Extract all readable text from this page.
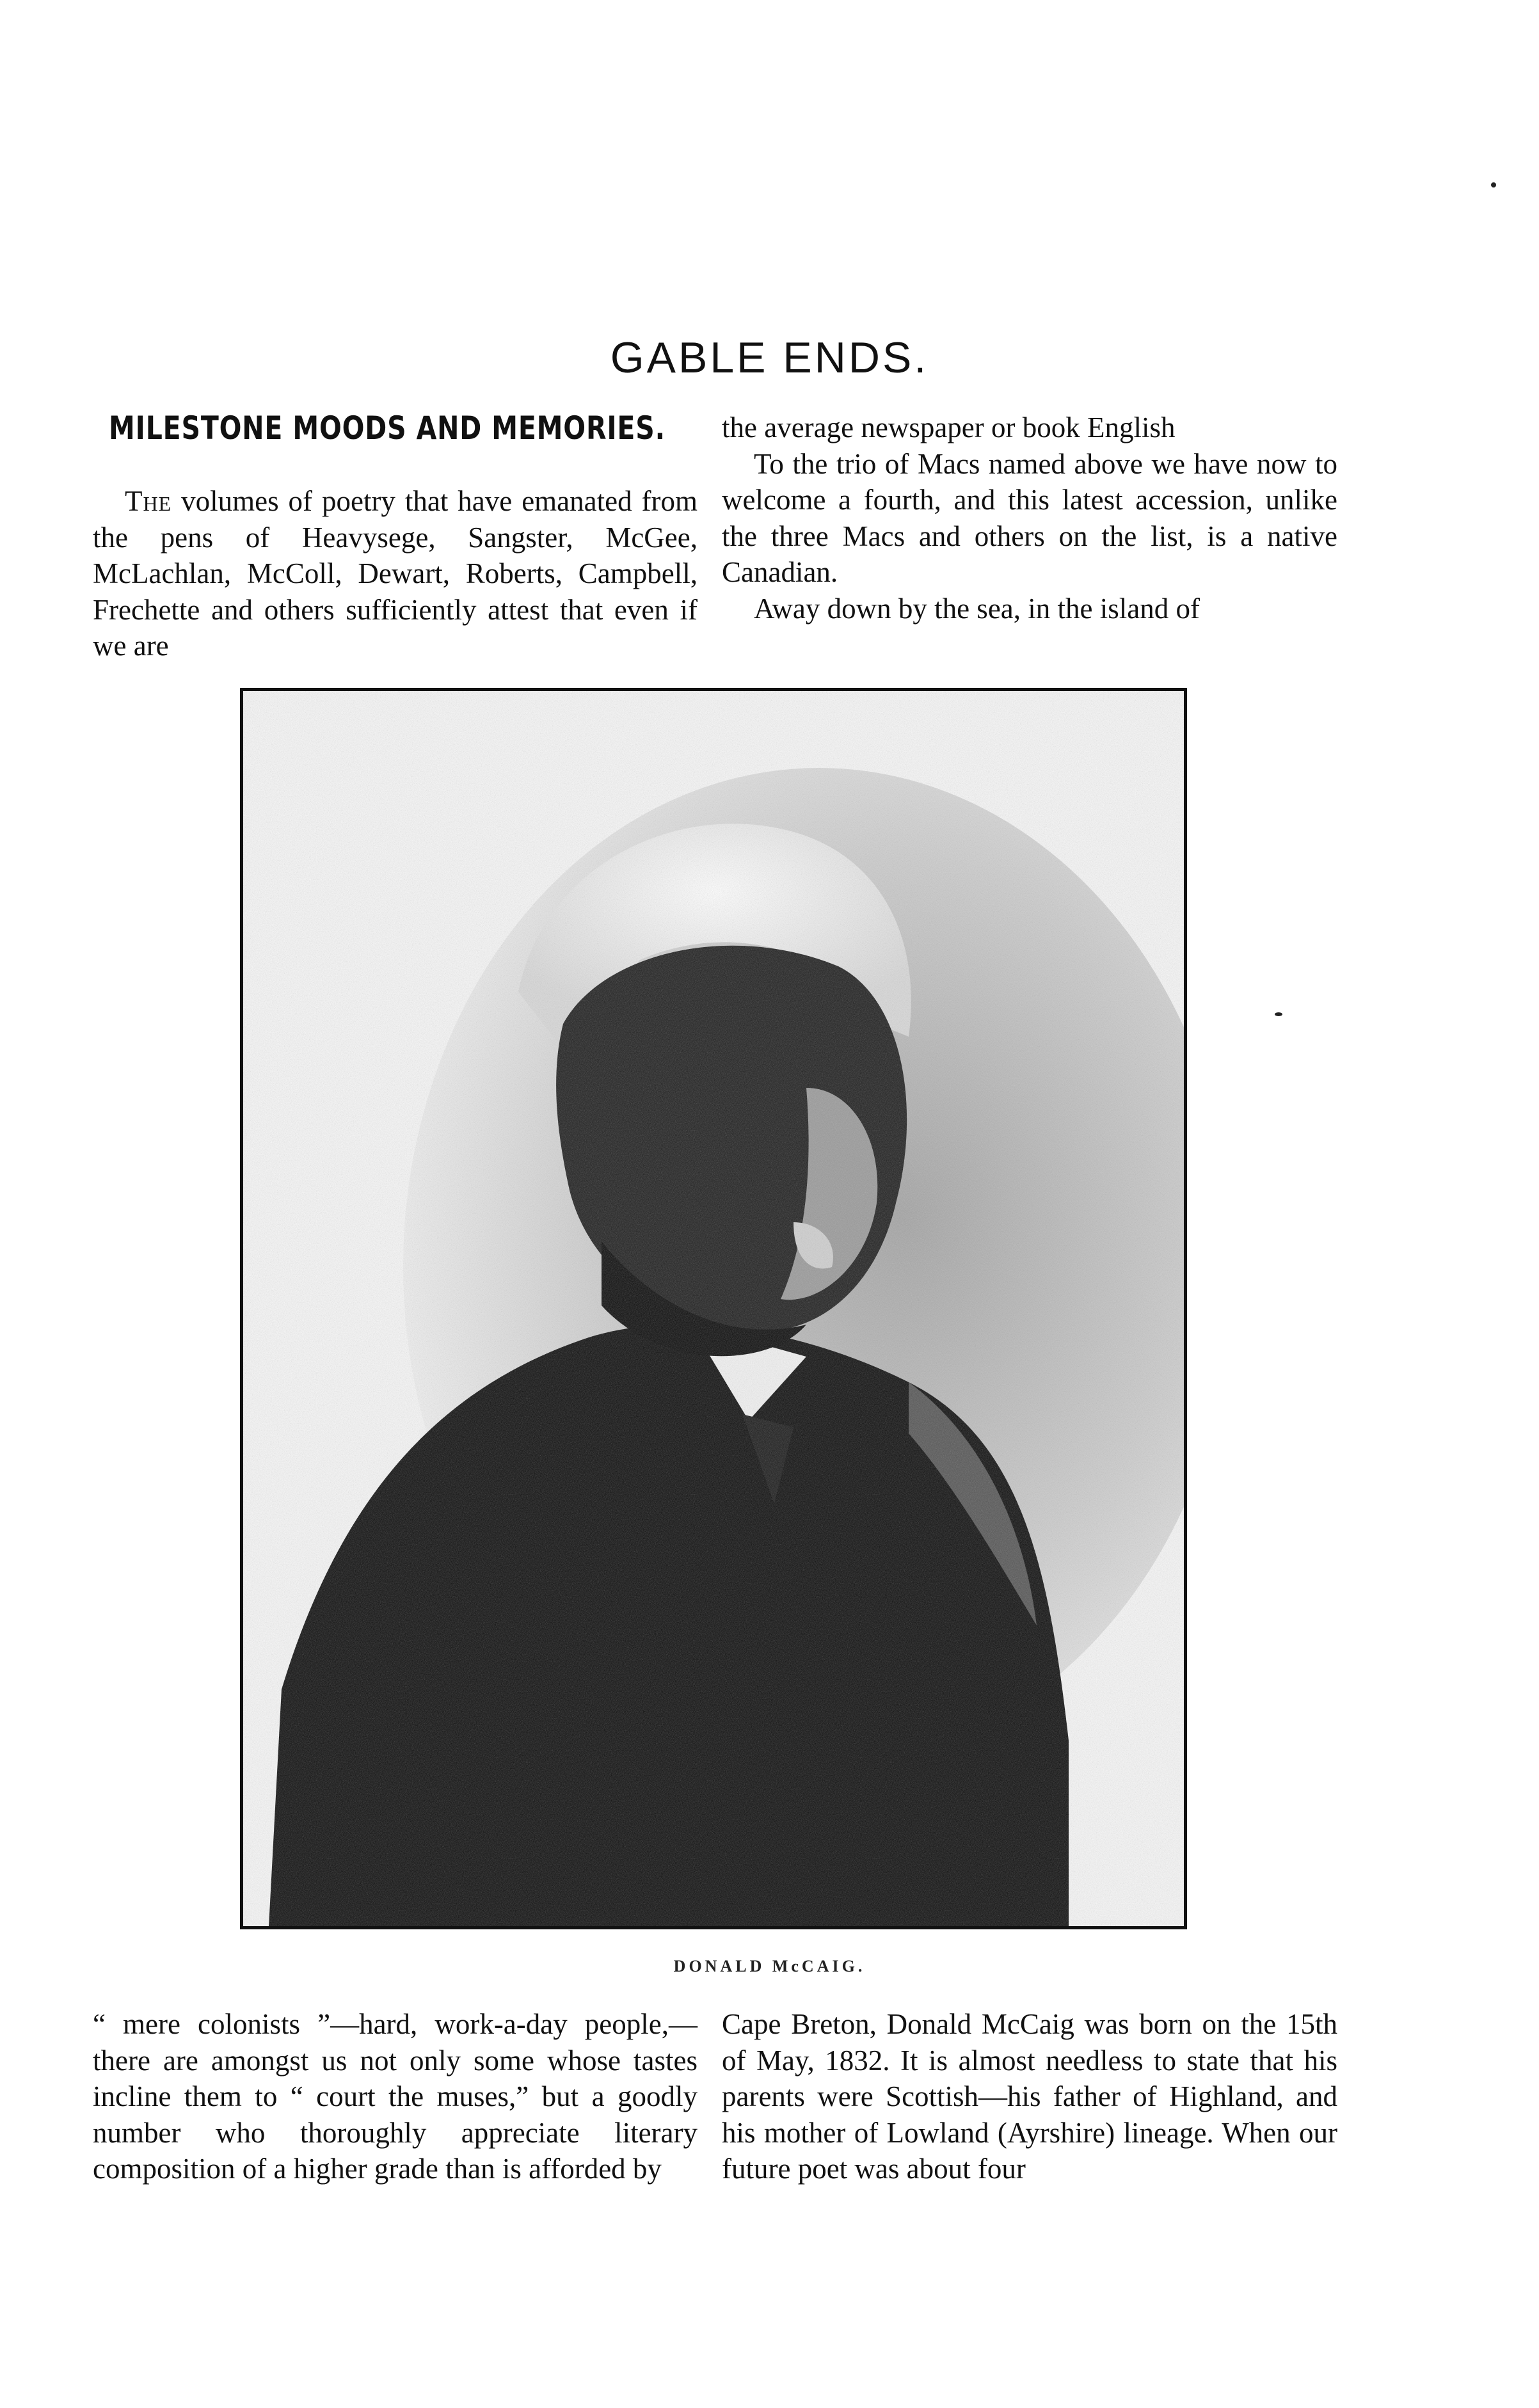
GABLE ENDS.
MILESTONE MOODS AND MEMORIES.

The volumes of poetry that have emanated from the pens of Heavysege, Sangster, McGee, McLachlan, McColl, Dewart, Roberts, Campbell, Frechette and others sufficiently attest that even if we are

the average newspaper or book English

To the trio of Macs named above we have now to welcome a fourth, and this latest accession, unlike the three Macs and others on the list, is a native Canadian.

Away down by the sea, in the island of

DONALD McCAIG.

“ mere colonists ”—hard, work-a-day people,—there are amongst us not only some whose tastes incline them to “ court the muses,” but a goodly number who thoroughly appreciate literary composition of a higher grade than is afforded by

Cape Breton, Donald McCaig was born on the 15th of May, 1832. It is almost needless to state that his parents were Scottish—his father of Highland, and his mother of Lowland (Ayrshire) lineage. When our future poet was about four
